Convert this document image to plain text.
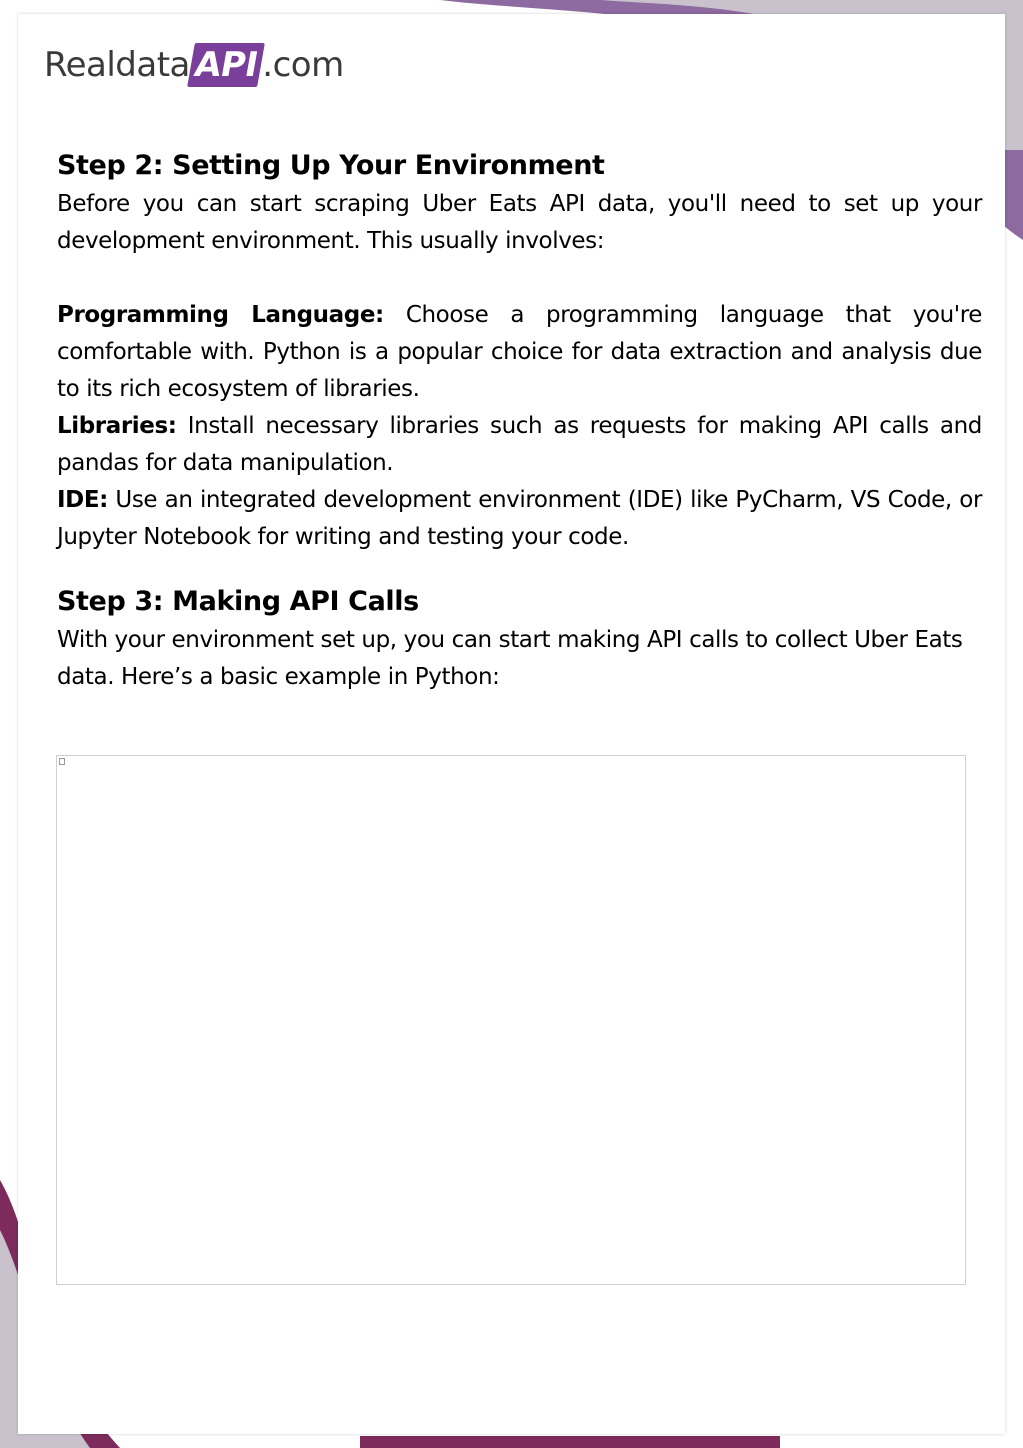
Realdata API .com
Step 2: Setting Up Your Environment

Before you can start scraping Uber Eats API data, you'll need to set up your development environment. This usually involves:

Programming Language: Choose a programming language that you're comfortable with. Python is a popular choice for data extraction and analysis due to its rich ecosystem of libraries.

Libraries: Install necessary libraries such as requests for making API calls and pandas for data manipulation.

IDE: Use an integrated development environment (IDE) like PyCharm, VS Code, or Jupyter Notebook for writing and testing your code.

Step 3: Making API Calls

With your environment set up, you can start making API calls to collect Uber Eats data. Here’s a basic example in Python:
